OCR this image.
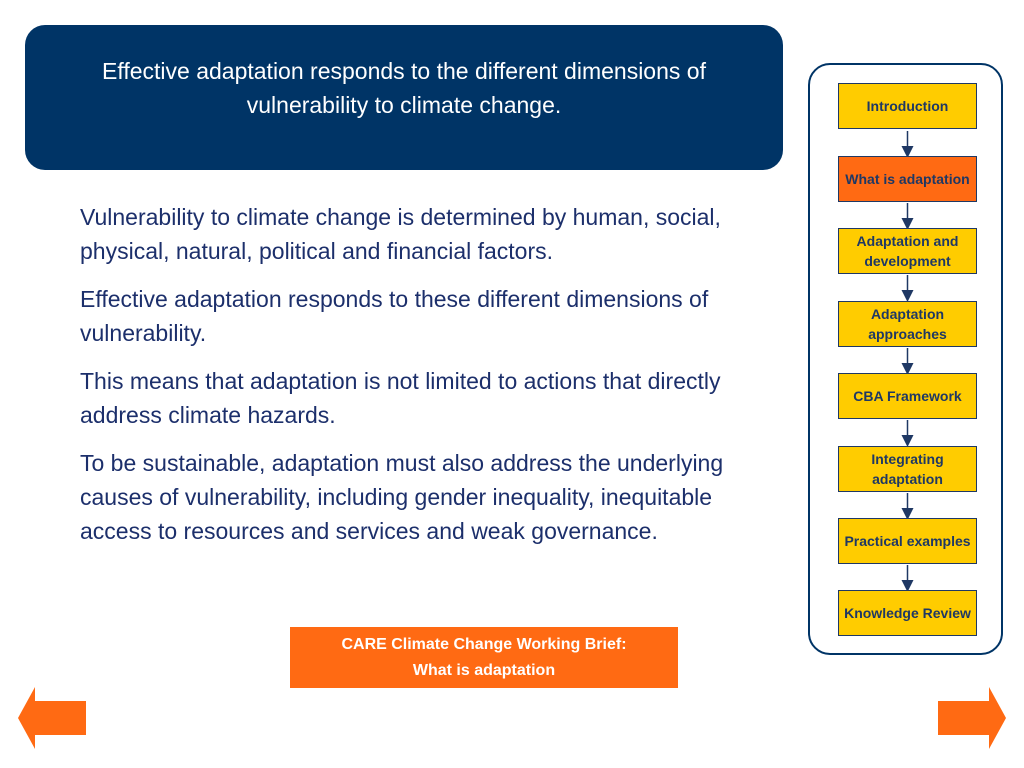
Effective adaptation responds to the different dimensions of vulnerability to climate change.

Vulnerability to climate change is determined by human, social, physical, natural, political and financial factors.

Effective adaptation responds to these different dimensions of vulnerability.

This means that adaptation is not limited to actions that directly address climate hazards.

To be sustainable, adaptation must also address the underlying causes of vulnerability, including gender inequality, inequitable access to resources and services and weak governance.

CARE Climate Change Working Brief:
What is adaptation
Introduction
What is adaptation
Adaptation and development
Adaptation approaches
CBA Framework
Integrating adaptation
Practical examples
Knowledge Review
